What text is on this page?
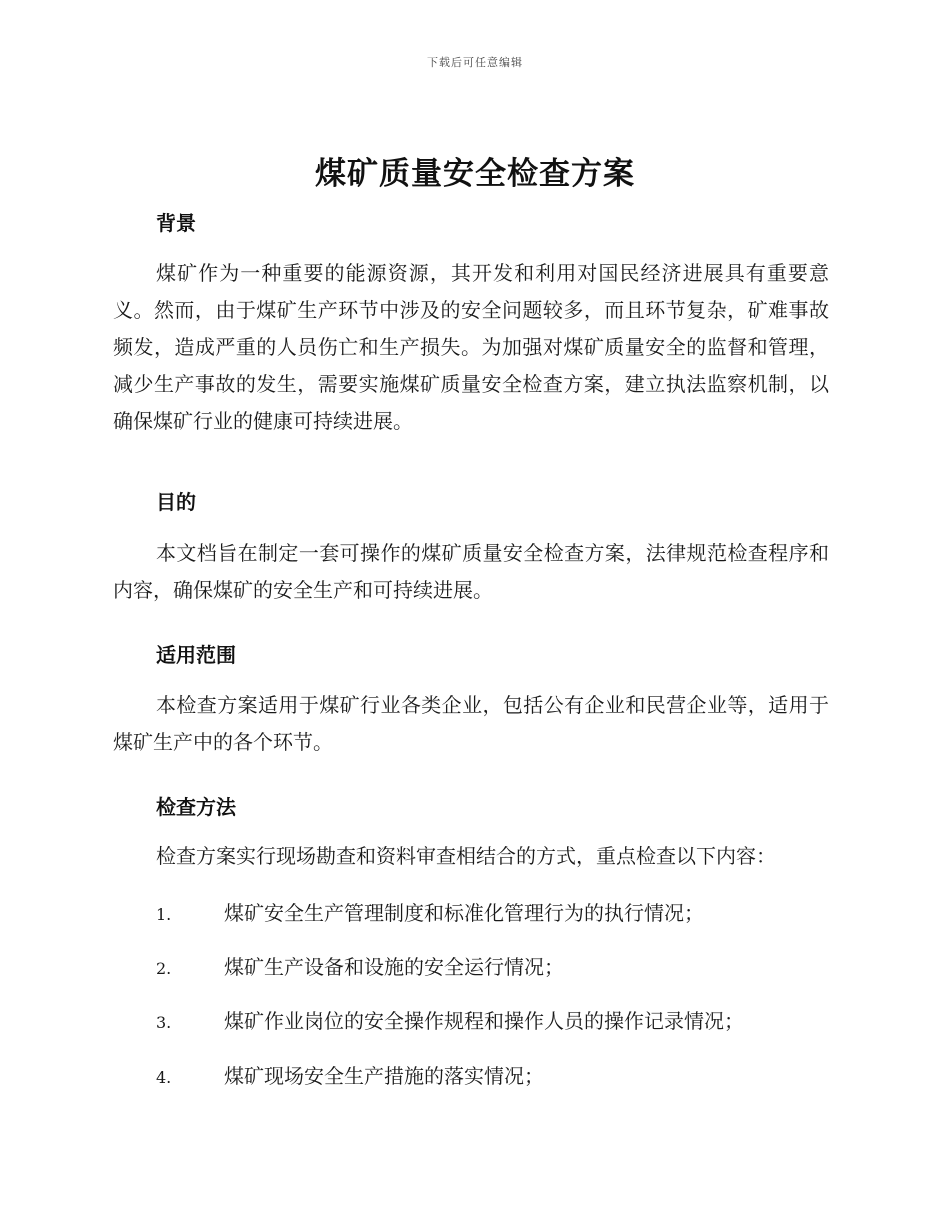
下载后可任意编辑
煤矿质量安全检查方案
背景
煤矿作为一种重要的能源资源，其开发和利用对国民经济进展具有重要意义。然而，由于煤矿生产环节中涉及的安全问题较多，而且环节复杂，矿难事故频发，造成严重的人员伤亡和生产损失。为加强对煤矿质量安全的监督和管理，减少生产事故的发生，需要实施煤矿质量安全检查方案，建立执法监察机制，以确保煤矿行业的健康可持续进展。
目的
本文档旨在制定一套可操作的煤矿质量安全检查方案，法律规范检查程序和内容，确保煤矿的安全生产和可持续进展。
适用范围
本检查方案适用于煤矿行业各类企业，包括公有企业和民营企业等，适用于煤矿生产中的各个环节。
检查方法
检查方案实行现场勘查和资料审查相结合的方式，重点检查以下内容：
1.	煤矿安全生产管理制度和标准化管理行为的执行情况；
2.	煤矿生产设备和设施的安全运行情况；
3.	煤矿作业岗位的安全操作规程和操作人员的操作记录情况；
4.	煤矿现场安全生产措施的落实情况；
